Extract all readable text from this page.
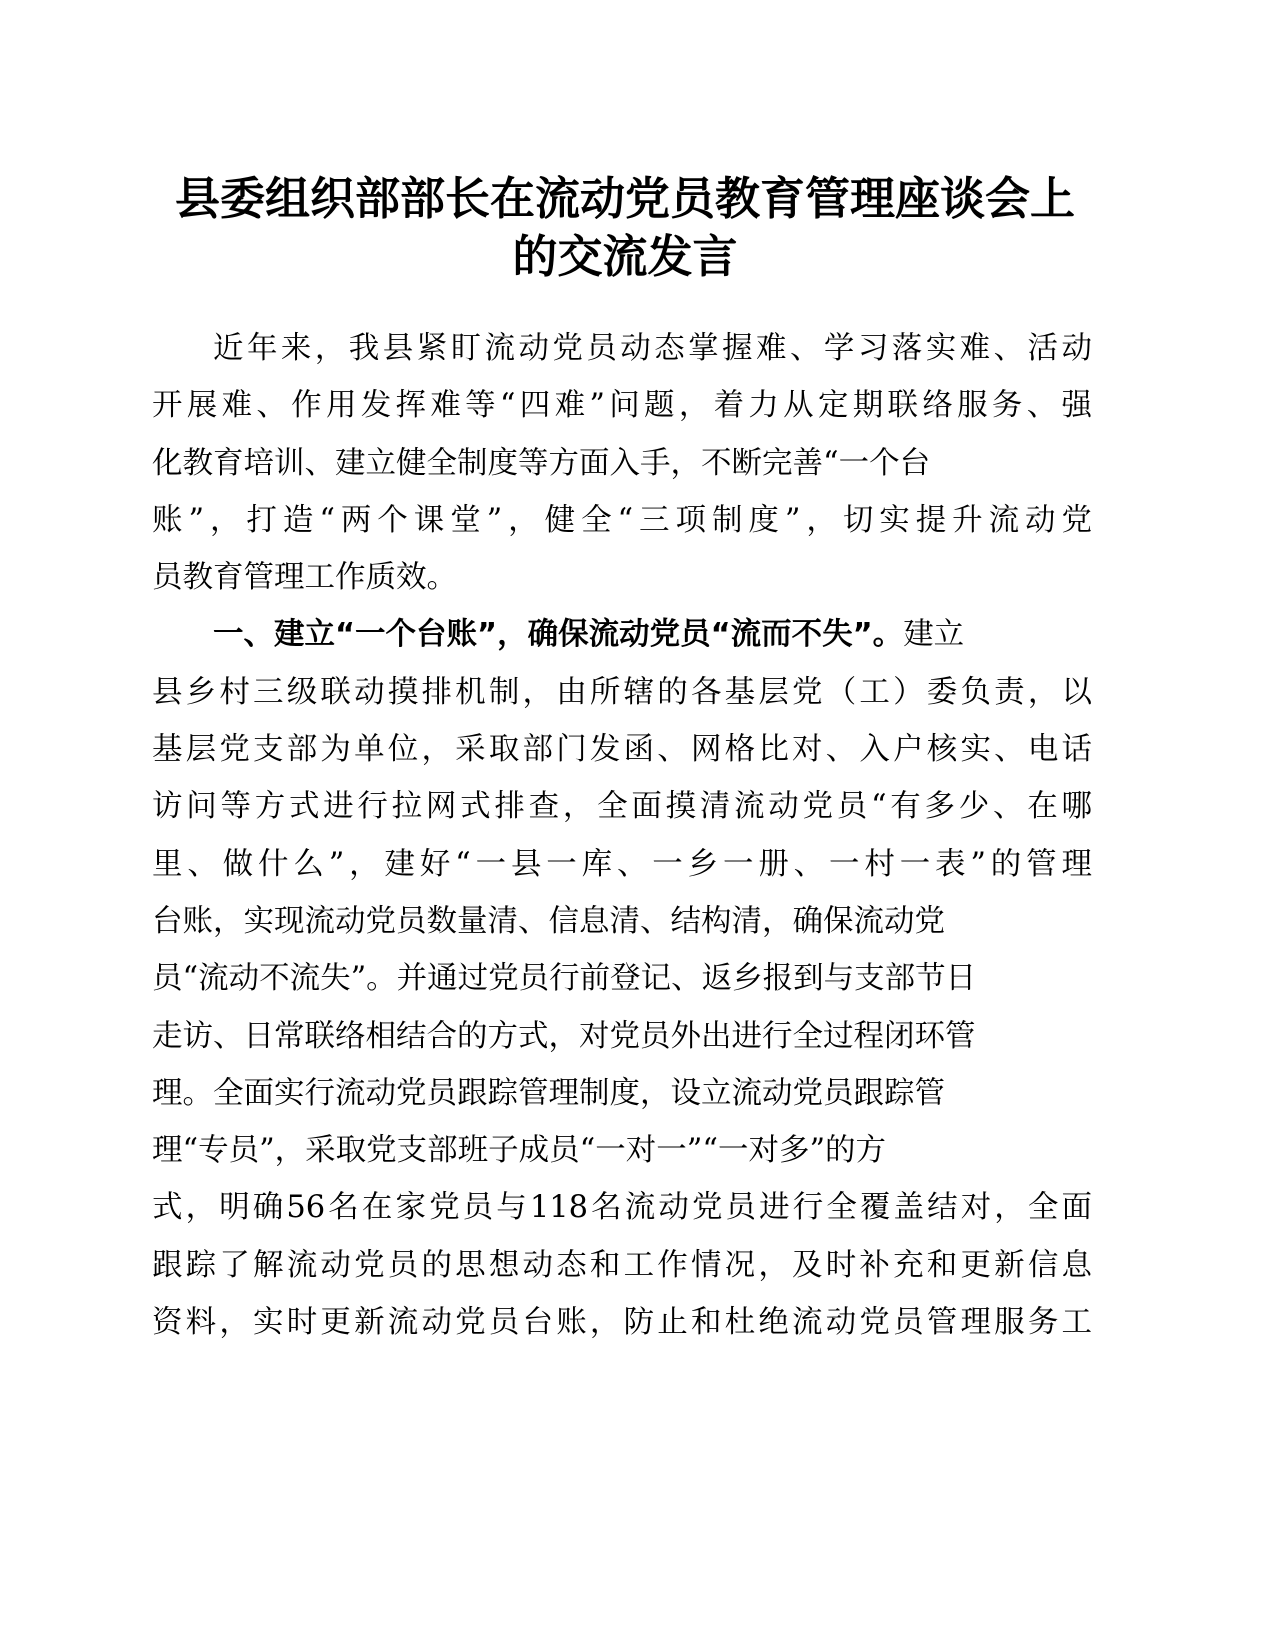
县委组织部部长在流动党员教育管理座谈会上
的交流发言
近年来，我县紧盯流动党员动态掌握难、学习落实难、活动
开展难、作用发挥难等“四难”问题，着力从定期联络服务、强
化教育培训、建立健全制度等方面入手，不断完善“一个台
账”，打造“两个课堂”，健全“三项制度”，切实提升流动党
员教育管理工作质效。
一、建立“一个台账”，确保流动党员“流而不失”。建立
县乡村三级联动摸排机制，由所辖的各基层党（工）委负责，以
基层党支部为单位，采取部门发函、网格比对、入户核实、电话
访问等方式进行拉网式排查，全面摸清流动党员“有多少、在哪
里、做什么”，建好“一县一库、一乡一册、一村一表”的管理
台账，实现流动党员数量清、信息清、结构清，确保流动党
员“流动不流失”。并通过党员行前登记、返乡报到与支部节日
走访、日常联络相结合的方式，对党员外出进行全过程闭环管
理。全面实行流动党员跟踪管理制度，设立流动党员跟踪管
理“专员”，采取党支部班子成员“一对一”“一对多”的方
式，明确56名在家党员与118名流动党员进行全覆盖结对，全面
跟踪了解流动党员的思想动态和工作情况，及时补充和更新信息
资料，实时更新流动党员台账，防止和杜绝流动党员管理服务工
